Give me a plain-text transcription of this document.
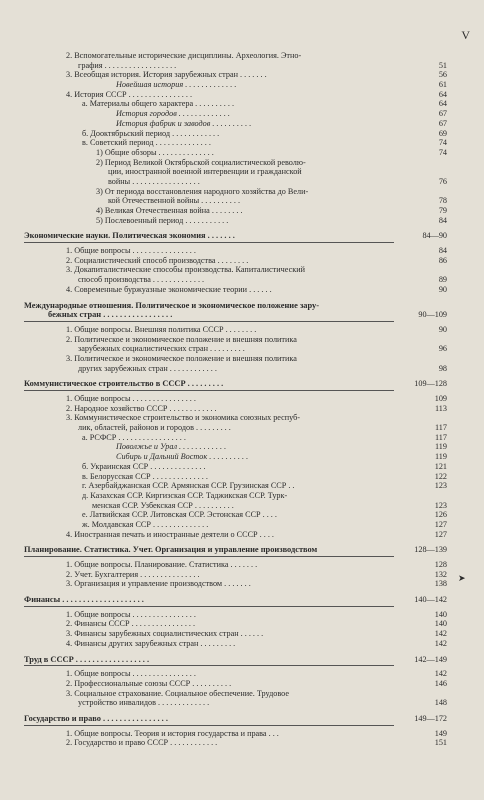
V
2. Вспомогательные исторические дисциплины. Археология. Этно-
графия . . . . . . . . . . . . . . . . . .	51
3. Всеобщая история. История зарубежных стран . . . . . . .	56
Новейшая история . . . . . . . . . . . . .	61
4. История СССР . . . . . . . . . . . . . . . .	64
а. Материалы общего характера . . . . . . . . . .	64
История городов . . . . . . . . . . . . .	67
История фабрик и заводов . . . . . . . . . .	67
б. Дооктябрьский период . . . . . . . . . . . .	69
в. Советский период . . . . . . . . . . . . . .	74
1) Общие обзоры . . . . . . . . . . . . . .	74
2) Период Великой Октябрьской социалистической револю-
ции, иностранной военной интервенции и гражданской
войны . . . . . . . . . . . . . . . . .	76
3) От периода восстановления народного хозяйства до Вели-
кой Отечественной войны . . . . . . . . . .	78
4) Великая Отечественная война . . . . . . . .	79
5) Послевоенный период . . . . . . . . . . .	84
Экономические науки. Политическая экономия . . . . . . .	84—90
1. Общие вопросы . . . . . . . . . . . . . . . .	84
2. Социалистический способ производства . . . . . . . .	86
3. Докапиталистические способы производства. Капиталистический
способ производства . . . . . . . . . . . . .	89
4. Современные буржуазные экономические теории . . . . . .	90
Международные отношения. Политическое и экономическое положение зару-
бежных стран . . . . . . . . . . . . . . . . .	90—109
1. Общие вопросы. Внешняя политика СССР . . . . . . . .	90
2. Политическое и экономическое положение и внешняя политика
зарубежных социалистических стран . . . . . . . . .	96
3. Политическое и экономическое положение и внешняя политика
других зарубежных стран . . . . . . . . . . . .	98
Коммунистическое строительство в СССР . . . . . . . . .	109—128
1. Общие вопросы . . . . . . . . . . . . . . . .	109
2. Народное хозяйство СССР . . . . . . . . . . . .	113
3. Коммунистическое строительство и экономика союзных респуб-
лик, областей, районов и городов . . . . . . . . .	117
а. РСФСР . . . . . . . . . . . . . . . . .	117
Поволжье и Урал . . . . . . . . . . . .	119
Сибирь и Дальний Восток . . . . . . . . . .	119
б. Украинская ССР . . . . . . . . . . . . . .	121
в. Белорусская ССР . . . . . . . . . . . . . .	122
г. Азербайджанская ССР. Армянская ССР. Грузинская ССР . .	123
д. Казахская ССР. Киргизская ССР. Таджикская ССР. Турк-
менская ССР. Узбекская ССР . . . . . . . . . .	123
е. Латвийская ССР. Литовская ССР. Эстонская ССР . . . .	126
ж. Молдавская ССР . . . . . . . . . . . . . .	127
4. Иностранная печать и иностранные деятели о СССР . . . .	127
Планирование. Статистика. Учет. Организация и управление производством	128—139
1. Общие вопросы. Планирование. Статистика . . . . . . .	128
2. Учет. Бухгалтерия . . . . . . . . . . . . . . .	132
3. Организация и управление производством . . . . . . .	138
Финансы . . . . . . . . . . . . . . . . . . . .	140—142
1. Общие вопросы . . . . . . . . . . . . . . . .	140
2. Финансы СССР . . . . . . . . . . . . . . . .	140
3. Финансы зарубежных социалистических стран . . . . . .	142
4. Финансы других зарубежных стран . . . . . . . . .	142
Труд в СССР . . . . . . . . . . . . . . . . . .	142—149
1. Общие вопросы . . . . . . . . . . . . . . . .	142
2. Профессиональные союзы СССР . . . . . . . . . .	146
3. Социальное страхование. Социальное обеспечение. Трудовое
устройство инвалидов . . . . . . . . . . . . .	148
Государство и право . . . . . . . . . . . . . . . .	149—172
1. Общие вопросы. Теория и история государства и права . . .	149
2. Государство и право СССР . . . . . . . . . . . .	151
➤
